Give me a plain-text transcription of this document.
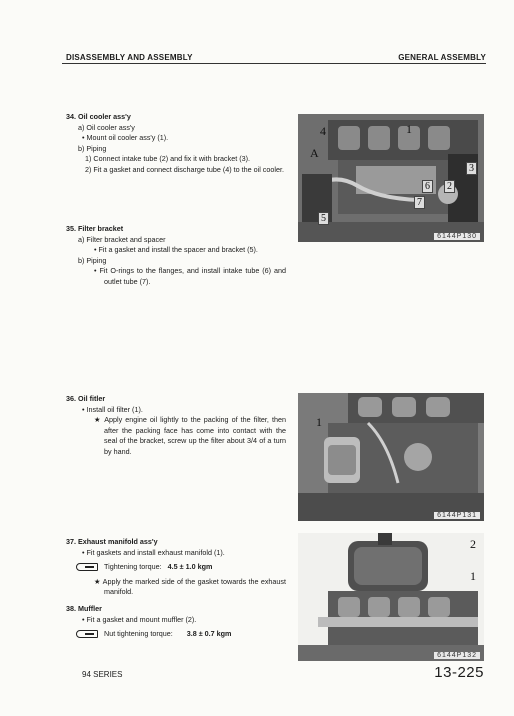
DISASSEMBLY AND ASSEMBLY	GENERAL ASSEMBLY
34. Oil cooler ass'y
a) Oil cooler ass'y
• Mount oil cooler ass'y (1).
b) Piping
1) Connect intake tube (2) and fix it with bracket (3).
2) Fit a gasket and connect discharge tube (4) to the oil cooler.
35. Filter bracket
a) Filter bracket and spacer
• Fit a gasket and install the spacer and bracket (5).
b) Piping
• Fit O-rings to the flanges, and install intake tube (6) and outlet tube (7).
36. Oil fitler
• Install oil filter (1).
★ Apply engine oil lightly to the packing of the filter, then after the packing face has come into contact with the seal of the bracket, screw up the filter about 3/4 of a turn by hand.
37. Exhaust manifold ass'y
• Fit gaskets and install exhaust manifold (1).
Tightening torque: 4.5 ± 1.0 kgm
★ Apply the marked side of the gasket towards the exhaust manifold.
38. Muffler
• Fit a gasket and mount muffler (2).
Nut tightening torque: 3.8 ± 0.7 kgm
4	1
A
3
6	2
7
5
6144P130
1
6144P131
2
1
6144P132
94 SERIES	13-225
